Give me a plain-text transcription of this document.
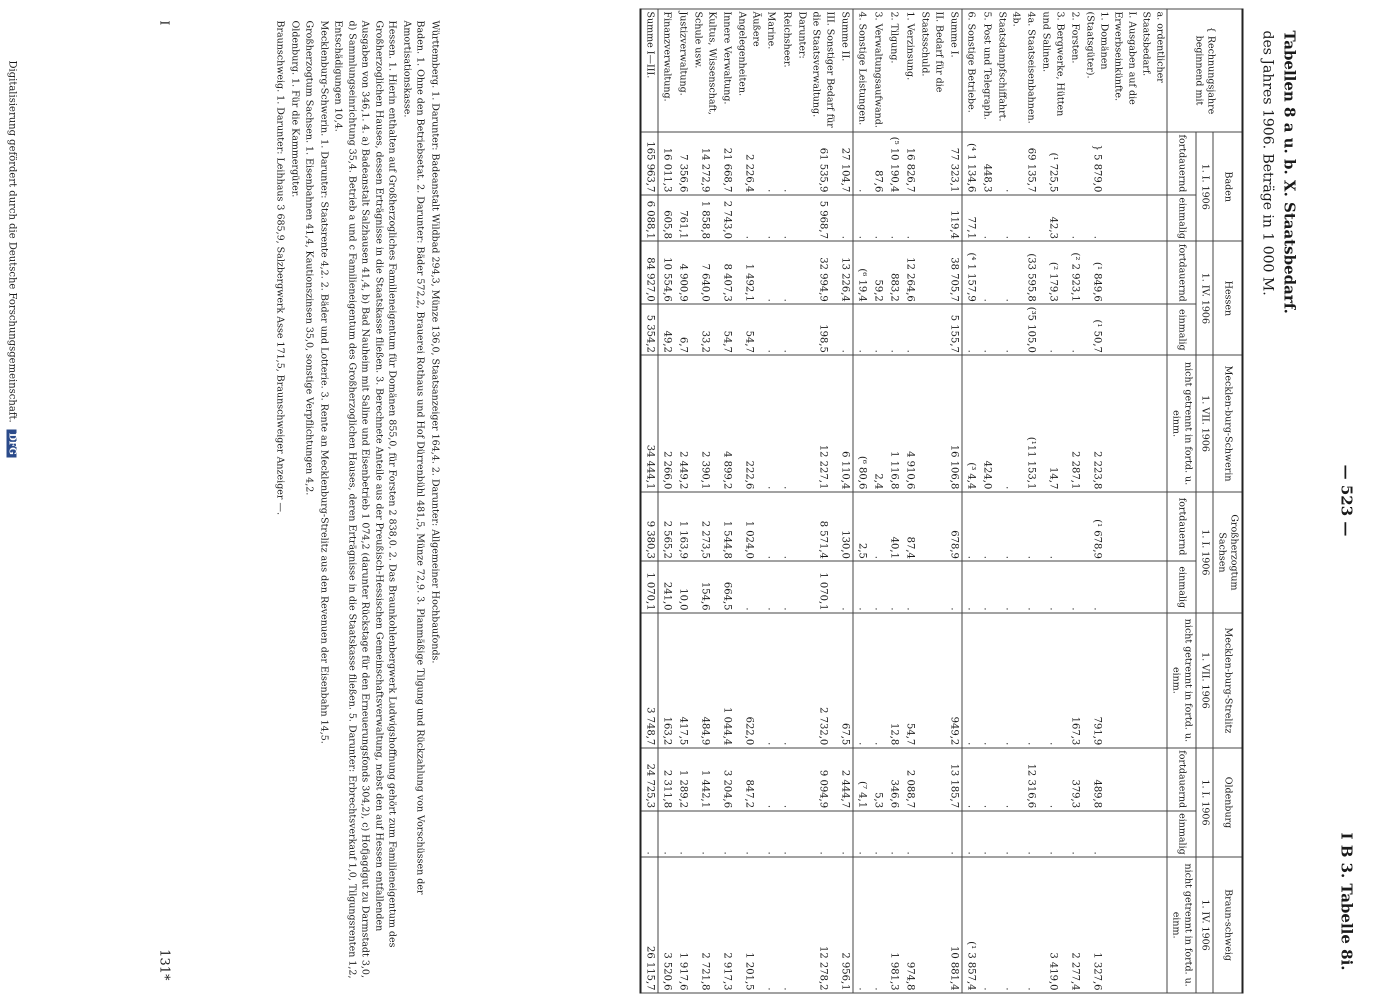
— 523 —
I B 3. Tabelle 8i.
Tabellen 8 a u. b. X. Staatsbedarf.
des Jahres 1906. Beträge in 1 000 M.
{ Rechnungsjahre beginnend mit	Baden		Hessen		Mecklen-burg-Schwerin	Großherzogtum Sachsen		Mecklen-burg-Strelitz	Oldenburg		Braun-schweig
	1. I. 1906		1. IV. 1906		1. VII. 1906	1. I. 1906		1. VII. 1906	1. I. 1906		1. IV. 1906
	fortdauernd	einmalig	fortdauernd	einmalig	nicht getrennt in fortd. u. einm.	fortdauernd	einmalig	nicht getrennt in fortd. u. einm.	fortdauernd	einmalig	nicht getrennt in fortd. u. einm.
a. ordentlicher Staatsbedarf.											
I. Ausgaben auf die Erwerbseinkünfte.											
1. Domänen (Staatsgüter).	} 5 879,0	.	(¹ 849,6	(¹ 50,7	2 223,8	(¹ 678,9	.	791,9	489,8	.	1 327,6
2. Forsten.		.	(² 2 923,1	.	2 287,1		.	167,3	379,3	.	2 277,4
3. Bergwerke, Hütten und Salinen.	(¹ 725,5	42,3	(² 179,3	.	14,7	.	.	.	.	.	3 419,0
4a. Staatseisenbahnen.	69 135,7	.	(33 595,8	(³5 105,0	(¹11 153,1	.	.	.	12 316,6	.	.
4b. Staatsdampfschiffahrt.	.	.	.	.	.	.	.	.	.	.	.
5. Post und Telegraph.	448,3	.	.	.	424,0	.	.	.	.	.	.
6. Sonstige Betriebe.	(⁴ 1 134,6	77,1	(⁴ 1 157,9	.	(³ 4,4	.	.	.	.	.	(¹ 3 857,4
Summe I.	77 323,1	119,4	38 705,7	5 155,7	16 106,8	678,9	.	949,2	13 185,7	.	10 881,4
II. Bedarf für die Staatsschuld.											
1. Verzinsung.	16 826,7	.	12 264,6	.	4 910,6	87,4	.	54,7	2 088,7	.	974,8
2. Tilgung.	(⁵ 10 190,4	.	883,2	.	1 116,8	40,1	.	12,8	346,6	.	1 981,3
3. Verwaltungsaufwand.	87,6	.	59,2	.	2,4	.	.	.	5,3	.	.
4. Sonstige Leistungen.	.	.	(⁶ 19,4	.	(⁶ 80,6	2,5	.	.	(⁷ 4,1	.	.
Summe II.	27 104,7	.	13 226,4	.	6 110,4	130,0	.	67,5	2 444,7	.	2 956,1
III. Sonstiger Bedarf für die Staatsverwaltung.	61 535,9	5 968,7	32 994,9	198,5	12 227,1	8 571,4	1 070,1	2 732,0	9 094,9	.	12 278,2
Darunter:											
Reichsheer.	.	.	.	.	.	.	.	.	.	.	.
Marine.	.	.	.	.	.	.	.	.	.	.	.
Äußere Angelegenheiten.	2 226,4	.	1 492,1	54,7	222,6	1 024,0	.	622,0	847,2	.	1 201,5
Innere Verwaltung.	21 668,7	2 743,0	8 407,3	54,7	4 899,2	1 544,8	664,5	1 044,4	3 204,6	.	2 917,3
Kultus, Wissenschaft, Schule usw.	14 272,9	1 858,8	7 640,0	33,2	2 390,1	2 273,5	154,6	484,9	1 442,1	.	2 721,8
Justizverwaltung.	7 356,6	761,1	4 900,9	6,7	2 449,2	1 163,9	10,0	417,5	1 289,2	.	1 917,6
Finanzverwaltung.	16 011,3	605,8	10 554,6	49,2	2 266,0	2 565,2	241,0	163,2	2 311,8	.	3 520,6
Summe I—III.	165 963,7	6 088,1	84 927,0	5 354,2	34 444,1	9 380,3	1 070,1	3 748,7	24 725,3	.	26 115,7

Württemberg. 1. Darunter: Badeanstalt Wildbad 294,3, Münze 136,0, Staatsanzeiger 164,4. 2. Darunter: Allgemeiner Hochbaufonds.

Baden. 1. Ohne den Betriebsetat. 2. Darunter: Bäder 572,2, Brauerei Rothaus und Hof Dürrenbühl 481,5, Münze 72,9. 3. Planmäßige Tilgung und Rückzahlung von Vorschüssen der Amortisationskasse.

Hessen. 1. Hierin enthalten auf Großherzogliches Familieneigentum für Domänen 855,0, für Forsten 2 838,0. 2. Das Braunkohlenbergwerk Ludwigshoffnung gehört zum Familieneigentum des Großherzoglichen Hauses, dessen Erträgnisse in die Staatskasse fließen. 3. Berechnete Anteile aus der Preußisch-Hessischen Gemeinschaftsverwaltung, nebst den auf Hessen entfallenden Ausgaben von 346,1. 4. a) Badeanstalt Salzhausen 41,4, b) Bad Nauheim mit Saline und Eisenbetrieb 1 074,2 (darunter Rückstage für den Erneuerungsfonds 304,2), c) Hofjagdgut zu Darmstadt 3,0, d) Sammlungseinrichtung 35,4. Betrieb a und c Familieneigentum des Großherzoglichen Hauses, deren Erträgnisse in die Staatskasse fließen. 5. Darunter: Erbrechtsverkauf 1,0, Tilgungsrenten 1,2, Entschädigungen 10,4.

Mecklenburg-Schwerin. 1. Darunter: Staatsrente 4,2. 2. Bäder und Lotterie. 3. Rente an Mecklenburg-Strelitz aus den Revenuen der Eisenbahn 14,5.

Großherzogtum Sachsen. 1. Eisenbahnen 41,4, Kautionszinsen 35,0, sonstige Verpflichtungen 4,2.

Oldenburg. 1. Für die Kammergüter.

Braunschweig. 1. Darunter: Leihhaus 3 685,9, Salzbergwerk Asse 171,5, Braunschweiger Anzeiger —.

I
131*
Digitalisierung gefördert durch die Deutsche Forschungsgemeinschaft. DFG
